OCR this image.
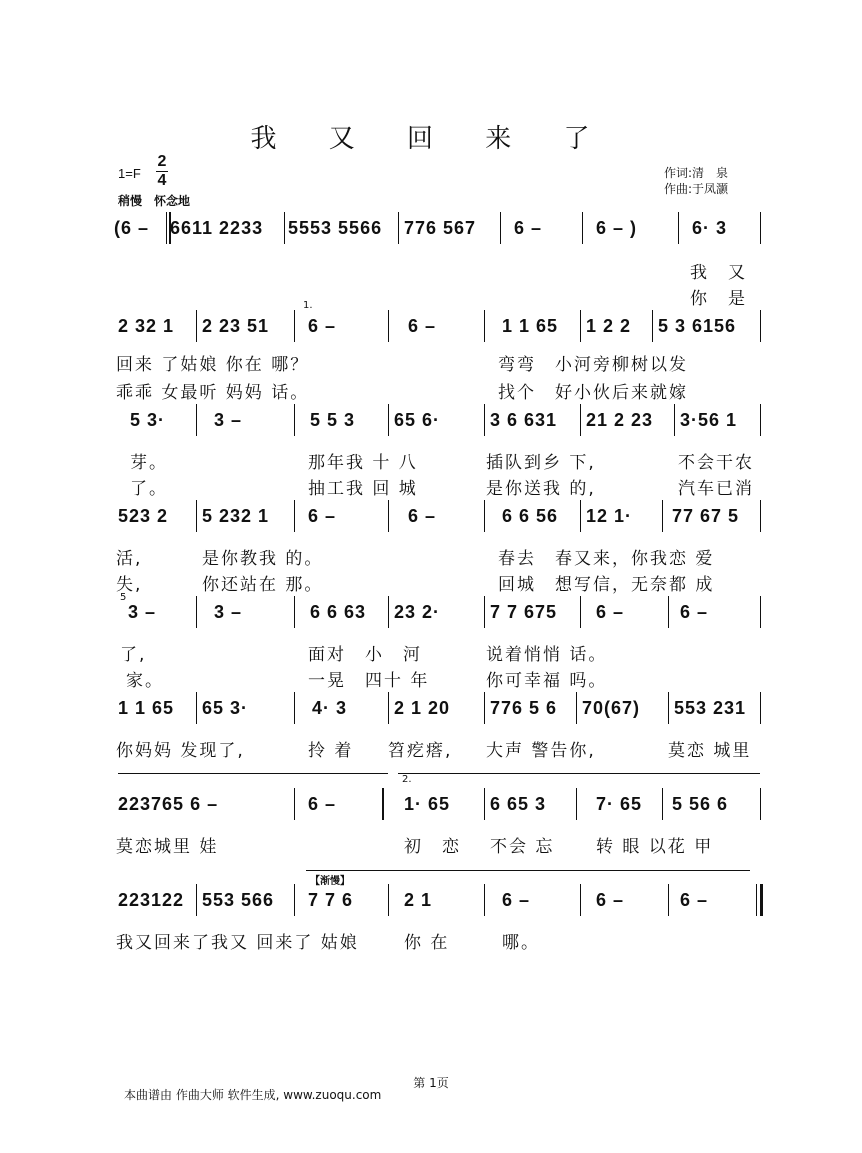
我 又 回 来 了
1=F
2
4	作词:清　泉
作曲:于凤灏
稍慢　怀念地
(6 – 6611 2233 5553 5566 776 567 6 –	6 – )	6· 3
我　又
你　是
1.
2 32 1 2 23 51 6 –	6 –	1 1 65 1 2 2 5 3 6156
回来 了姑娘 你在 哪？	弯弯　小河旁柳树以发
乖乖 女最听 妈妈 话。	找个　好小伙后来就嫁
5 3·	3 –	5 5 3 65 6·	3 6 631 21 2 23 3·56 1
芽。	那年我 十 八	插队到乡 下,	不会干农
了。	抽工我 回 城	是你送我 的,	汽车已消
523 2 5 232 1 6 –	6 –	6 6 56 12 1· 77 67 5
活,	是你教我 的。	春去　春又来，你我恋 爱
失,	你还站在 那。	回城　想写信，无奈都 成
5
3 –	3 –	6 6 63 23 2·	7 7 675 6 –	6 –
了,	面对　小　河	说着悄悄 话。
家。	一晃　四十 年	你可幸福 吗。
1 1 65 65 3·	4· 3	2 1 20 776 5 6 70(67) 553 231
你妈妈 发现了,	拎 着 笤疙瘩, 大声 警告你,	莫恋 城里
2.
223765 6 –	6 –	1· 65 6 65 3	7· 65 5 56 6
莫恋城里 娃	初　恋 不会 忘 转 眼 以花 甲
【渐慢】
223122 553 566 7 7 6	2 1	6 –	6 –	6 –
我又回来了我又 回来了 姑娘	你 在	哪。
第 1页
本曲谱由 作曲大师 软件生成, www.zuoqu.com
